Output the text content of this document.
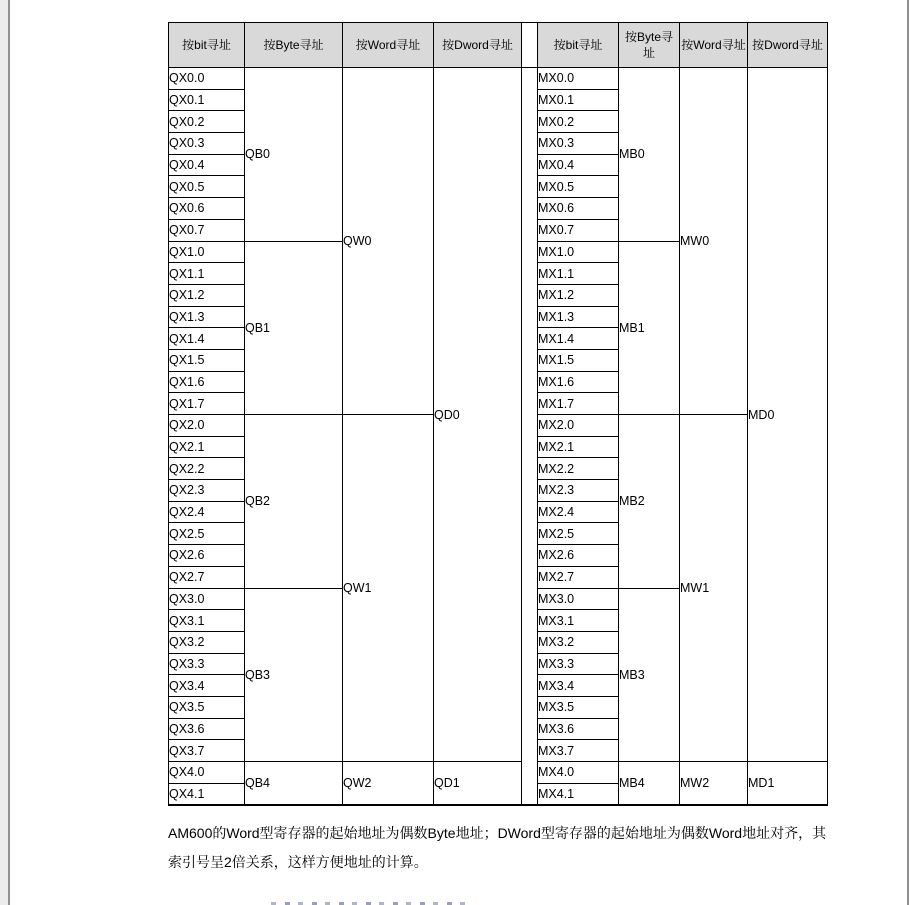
按bit寻址	按Byte寻址	按Word寻址	按Dword寻址		按bit寻址	按Byte寻址	按Word寻址	按Dword寻址
QX0.0	QB0	QW0	QD0		MX0.0	MB0	MW0	MD0
QX0.1					MX0.1			
QX0.2					MX0.2			
QX0.3					MX0.3			
QX0.4					MX0.4			
QX0.5					MX0.5			
QX0.6					MX0.6			
QX0.7					MX0.7			
QX1.0	QB1				MX1.0	MB1		
QX1.1					MX1.1			
QX1.2					MX1.2			
QX1.3					MX1.3			
QX1.4					MX1.4			
QX1.5					MX1.5			
QX1.6					MX1.6			
QX1.7					MX1.7			
QX2.0	QB2	QW1			MX2.0	MB2	MW1	
QX2.1					MX2.1			
QX2.2					MX2.2			
QX2.3					MX2.3			
QX2.4					MX2.4			
QX2.5					MX2.5			
QX2.6					MX2.6			
QX2.7					MX2.7			
QX3.0	QB3				MX3.0	MB3		
QX3.1					MX3.1			
QX3.2					MX3.2			
QX3.3					MX3.3			
QX3.4					MX3.4			
QX3.5					MX3.5			
QX3.6					MX3.6			
QX3.7					MX3.7			
QX4.0	QB4	QW2	QD1		MX4.0	MB4	MW2	MD1
QX4.1					MX4.1			
AM600的Word型寄存器的起始地址为偶数Byte地址；DWord型寄存器的起始地址为偶数Word地址对齐，其
索引号呈2倍关系，这样方便地址的计算。
